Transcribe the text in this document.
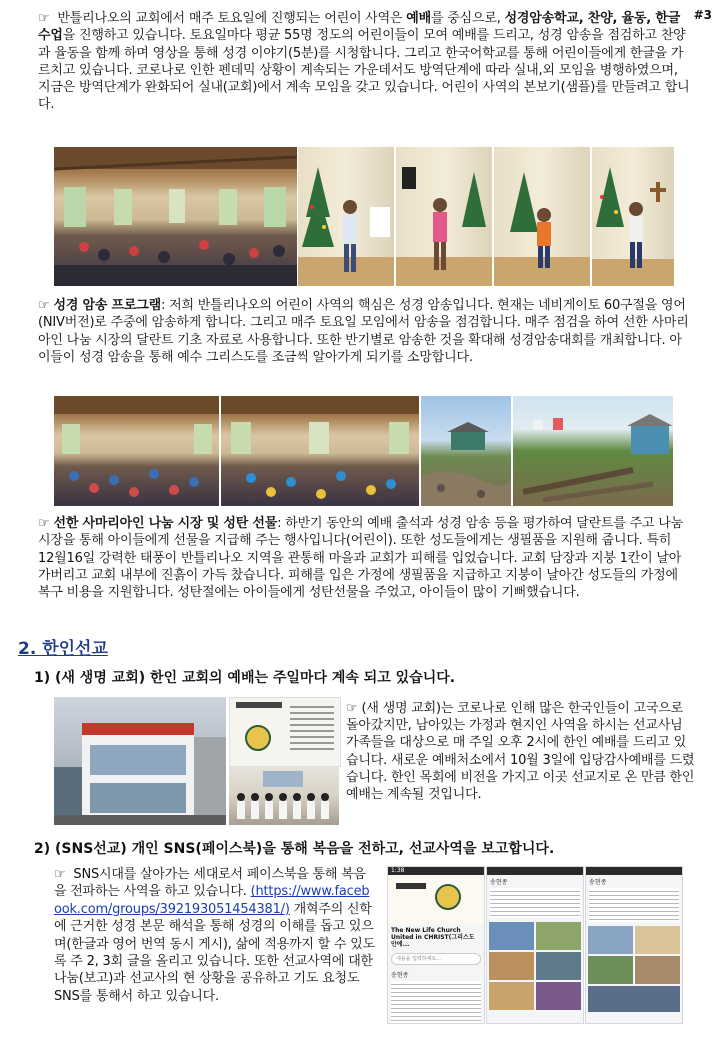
#3
☞ 반틀리나오의 교회에서 매주 토요일에 진행되는 어린이 사역은 예배를 중심으로, 성경암송학교, 찬양, 율동, 한글 수업을 진행하고 있습니다. 토요일마다 평균 55명 정도의 어린이들이 모여 예배를 드리고, 성경 암송을 점검하고 찬양과 율동을 함께 하며 영상을 통해 성경 이야기(5분)를 시청합니다. 그리고 한국어학교를 통해 어린이들에게 한글을 가르치고 있습니다. 코로나로 인한 펜데믹 상황이 계속되는 가운데서도 방역단계에 따라 실내,외 모임을 병행하였으며, 지금은 방역단계가 완화되어 실내(교회)에서 계속 모임을 갖고 있습니다. 어린이 사역의 본보기(샘플)를 만들려고 합니다.
☞ 성경 암송 프로그램: 저희 반틀리나오의 어린이 사역의 핵심은 성경 암송입니다. 현재는 네비게이토 60구절을 영어(NIV버전)로 주중에 암송하게 합니다. 그리고 매주 토요일 모임에서 암송을 점검합니다. 매주 점검을 하여 선한 사마리아인 나눔 시장의 달란트 기초 자료로 사용합니다. 또한 반기별로 암송한 것을 확대해 성경암송대회를 개최합니다. 아이들이 성경 암송을 통해 예수 그리스도를 조금씩 알아가게 되기를 소망합니다.
☞ 선한 사마리아인 나눔 시장 및 성탄 선물: 하반기 동안의 예배 출석과 성경 암송 등을 평가하여 달란트를 주고 나눔 시장을 통해 아이들에게 선물을 지급해 주는 행사입니다(어린이). 또한 성도들에게는 생필품을 지원해 줍니다. 특히 12월16일 강력한 태풍이 반틀리나오 지역을 관통해 마을과 교회가 피해를 입었습니다. 교회 담장과 지붕 1칸이 날아가버리고 교회 내부에 진흙이 가득 찼습니다. 피해를 입은 가정에 생필품을 지급하고 지붕이 날아간 성도들의 가정에 복구 비용을 지원합니다. 성탄절에는 아이들에게 성탄선물을 주었고, 아이들이 많이 기뻐했습니다.
2. 한인선교
1) (새 생명 교회) 한인 교회의 예배는 주일마다 계속 되고 있습니다.
☞ (새 생명 교회)는 코로나로 인해 많은 한국인들이 고국으로 돌아갔지만, 남아있는 가정과 현지인 사역을 하시는 선교사님 가족들을 대상으로 매 주일 오후 2시에 한인 예배를 드리고 있습니다. 새로운 예배처소에서 10월 3일에 입당감사예배를 드렸습니다. 한인 목회에 비전을 가지고 이곳 선교지로 온 만큼 한인 예배는 계속될 것입니다.
2) (SNS선교) 개인 SNS(페이스북)을 통해 복음을 전하고, 선교사역을 보고합니다.
☞ SNS시대를 살아가는 세대로서 페이스북을 통해 복음을 전파하는 사역을 하고 있습니다. (https://www.facebook.com/groups/392193051454381/) 개혁주의 신학에 근거한 성경 본문 해석을 통해 성경의 이해를 돕고 있으며(한글과 영어 번역 동시 게시), 삶에 적용까지 할 수 있도록 주 2, 3회 글을 올리고 있습니다. 또한 선교사역에 대한 나눔(보고)과 선교사의 현 상황을 공유하고 기도 요청도 SNS를 통해서 하고 있습니다.
1:38
The New Life Church United in CHRIST(그리스도 안에...
내용을 입력하세요...
송현종
송현종	송현종
